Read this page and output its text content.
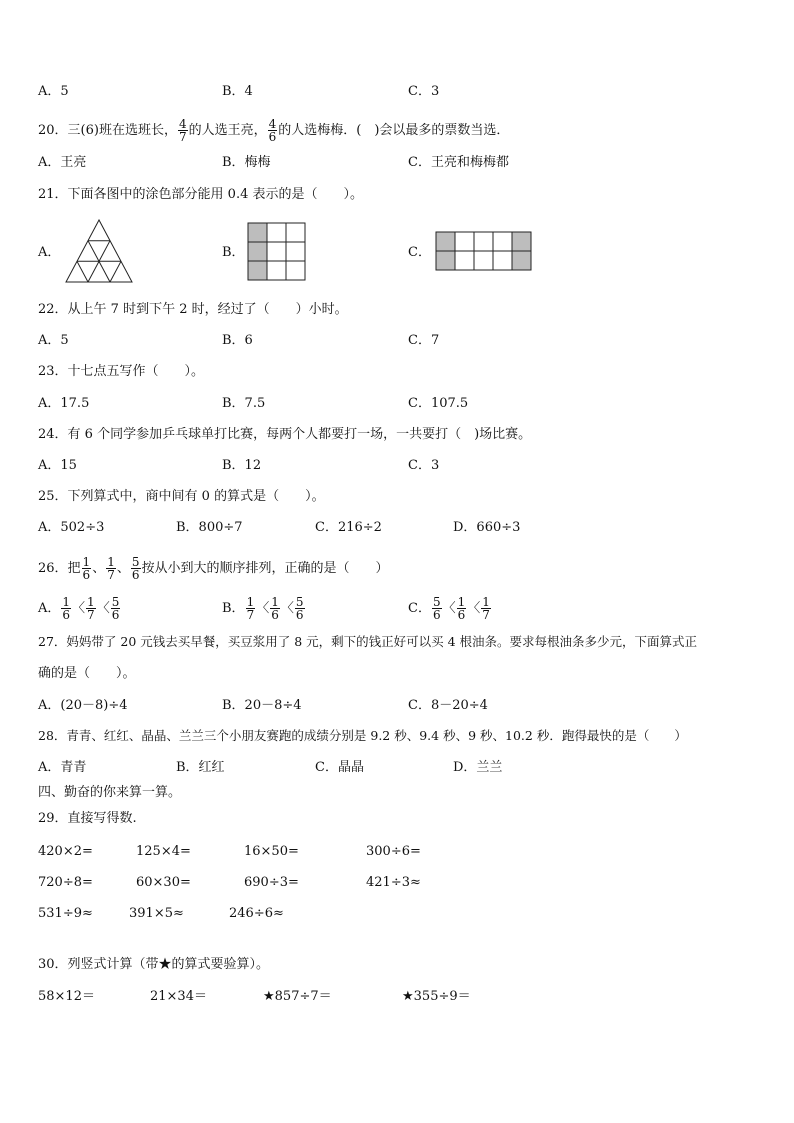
A．5	B．4	C．3
20．三(6)班在选班长， $\frac{4}{7}$ 的人选王亮， $\frac{4}{6}$ 的人选梅梅．(　)会以最多的票数当选．
A．王亮	B．梅梅	C．王亮和梅梅都
21．下面各图中的涂色部分能用 0.4 表示的是（　　）。
A．	B．	C．
22．从上午 7 时到下午 2 时，经过了（　　）小时。
A．5	B．6	C．7
23．十七点五写作（　　）。
A．17.5	B．7.5	C．107.5
24．有 6 个同学参加乒乓球单打比赛，每两个人都要打一场，一共要打（　)场比赛。
A．15	B．12	C．3
25．下列算式中，商中间有 0 的算式是（　　）。
A．502÷3	B．800÷7	C．216÷2	D．660÷3
26．把 $\frac{1}{6}$ 、 $\frac{1}{7}$ 、 $\frac{5}{6}$ 按从小到大的顺序排列，正确的是（　　）
A． $\frac{1}{6}$ 〈 $\frac{1}{7}$ 〈 $\frac{5}{6}$	B． $\frac{1}{7}$ 〈 $\frac{1}{6}$ 〈 $\frac{5}{6}$	C． $\frac{5}{6}$ 〈 $\frac{1}{6}$ 〈 $\frac{1}{7}$
27．妈妈带了 20 元钱去买早餐，买豆浆用了 8 元，剩下的钱正好可以买 4 根油条。要求每根油条多少元，下面算式正
确的是（　　）。
A．(20－8)÷4	B．20－8÷4	C．8－20÷4
28．青青、红红、晶晶、兰兰三个小朋友赛跑的成绩分别是 9.2 秒、9.4 秒、9 秒、10.2 秒．跑得最快的是（　　）
A．青青	B．红红	C．晶晶	D．兰兰
四、勤奋的你来算一算。
29．直接写得数.
420×2=	125×4=	16×50=	300÷6=
720÷8=	60×30=	690÷3=	421÷3≈
531÷9≈	391×5≈	246÷6≈
30．列竖式计算（带★的算式要验算）。
58×12＝	21×34＝	★857÷7＝	★355÷9＝
